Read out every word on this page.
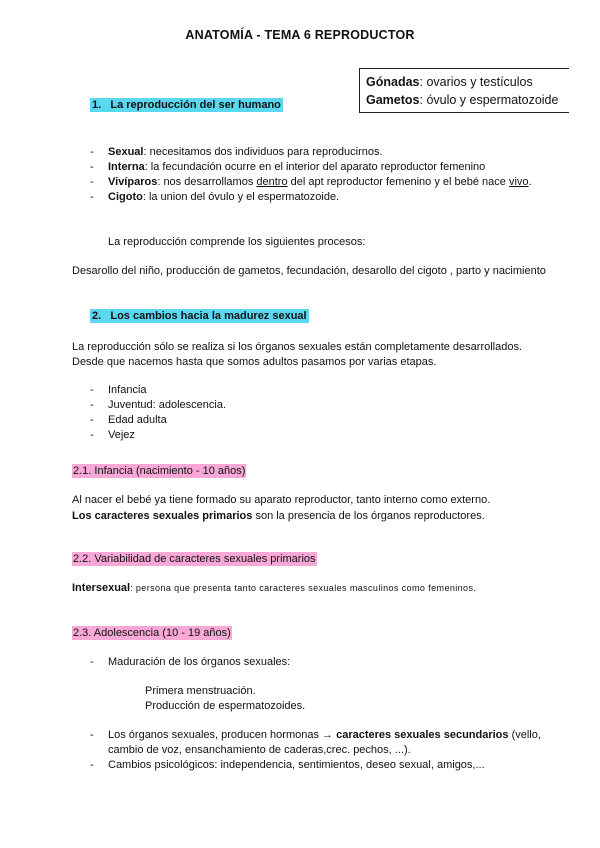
ANATOMÍA - TEMA 6 REPRODUCTOR
Gónadas: ovarios y testículos
Gametos: óvulo y espermatozoide
1. La reproducción del ser humano
- Sexual: necesitamos dos individuos para reproducirnos.
- Interna: la fecundación ocurre en el interior del aparato reproductor femenino
- Vivíparos: nos desarrollamos dentro del apt reproductor femenino y el bebé nace vivo.
- Cigoto: la union del óvulo y el espermatozoide.
La reproducción comprende los siguientes procesos:
Desarollo del niño, producción de gametos, fecundación, desarollo del cigoto , parto y nacimiento
2. Los cambios hacia la madurez sexual
La reproducción sólo se realiza si los órganos sexuales están completamente desarrollados.
Desde que nacemos hasta que somos adultos pasamos por varias etapas.
- Infancia
- Juventud: adolescencia.
- Edad adulta
- Vejez
2.1. Infancia (nacimiento - 10 años)
Al nacer el bebé ya tiene formado su aparato reproductor, tanto interno como externo.
Los caracteres sexuales primarios son la presencia de los órganos reproductores.
2.2. Variabilidad de caracteres sexuales primarios
Intersexual: persona que presenta tanto caracteres sexuales masculinos como femeninos.
2.3. Adolescencia (10 - 19 años)
- Maduración de los órganos sexuales:
Primera menstruación.
Producción de espermatozoides.
- Los órganos sexuales, producen hormonas → caracteres sexuales secundarios (vello,
cambio de voz, ensanchamiento de caderas,crec. pechos, ...).
- Cambios psicológicos: independencia, sentimientos, deseo sexual, amigos,...
